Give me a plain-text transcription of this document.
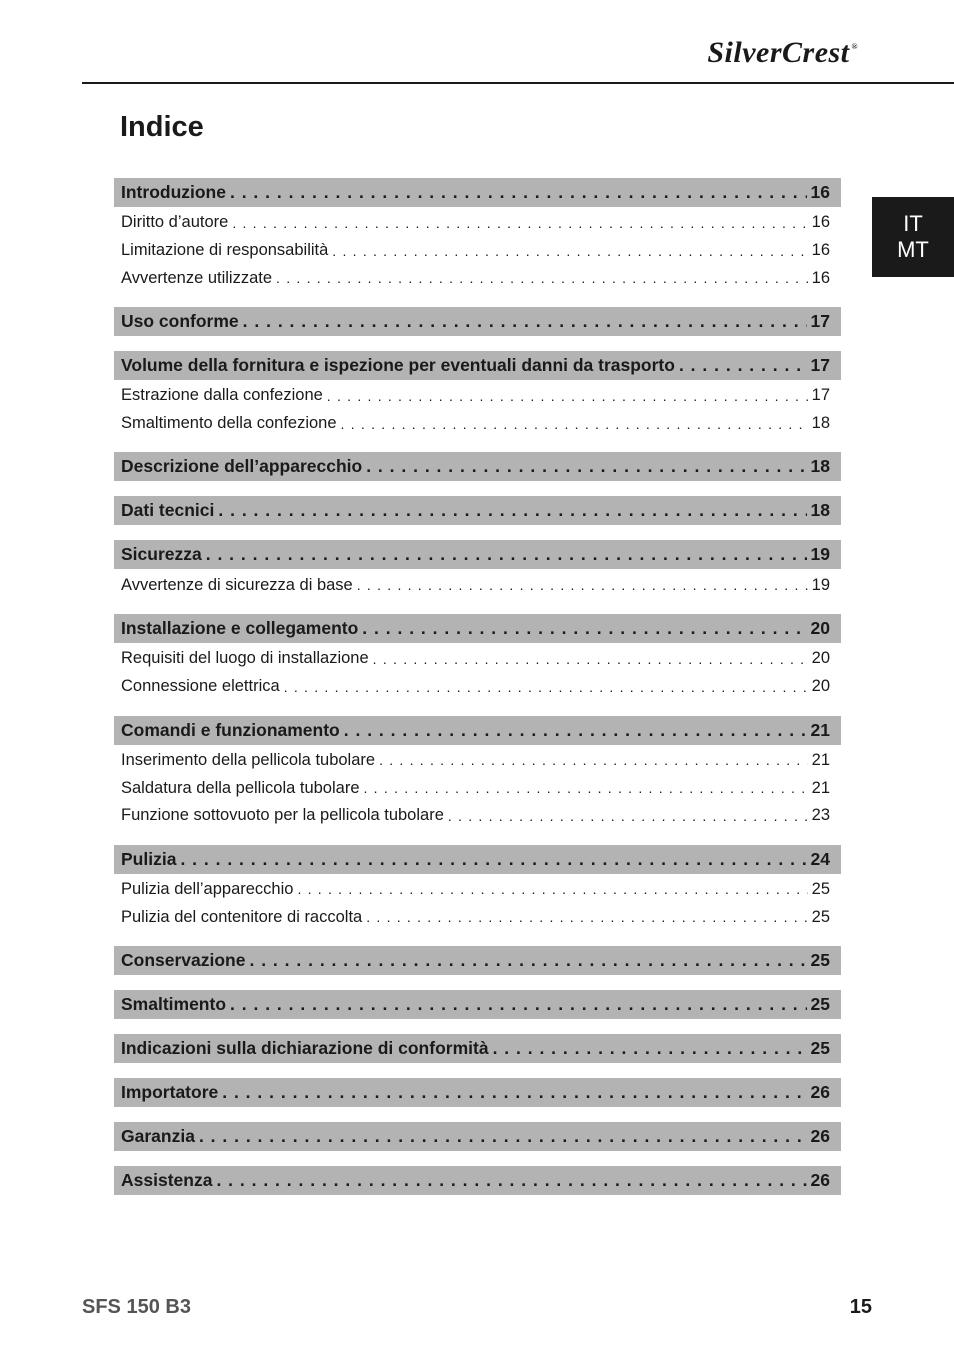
SilverCrest ®
Indice
IT
MT
Introduzione . . .	16
Diritto d’autore . . .	16
Limitazione di responsabilità . . .	16
Avvertenze utilizzate . . .	16
Uso conforme . . .	17
Volume della fornitura e ispezione per eventuali danni da trasporto . . .	17
Estrazione dalla confezione . . .	17
Smaltimento della confezione . . .	18
Descrizione dell’apparecchio . . .	18
Dati tecnici . . .	18
Sicurezza . . .	19
Avvertenze di sicurezza di base . . .	19
Installazione e collegamento . . .	20
Requisiti del luogo di installazione . . .	20
Connessione elettrica . . .	20
Comandi e funzionamento . . .	21
Inserimento della pellicola tubolare . . .	21
Saldatura della pellicola tubolare . . .	21
Funzione sottovuoto per la pellicola tubolare . . .	23
Pulizia . . .	24
Pulizia dell’apparecchio . . .	25
Pulizia del contenitore di raccolta . . .	25
Conservazione . . .	25
Smaltimento . . .	25
Indicazioni sulla dichiarazione di conformità . . .	25
Importatore . . .	26
Garanzia . . .	26
Assistenza . . .	26
SFS 150 B3	15
